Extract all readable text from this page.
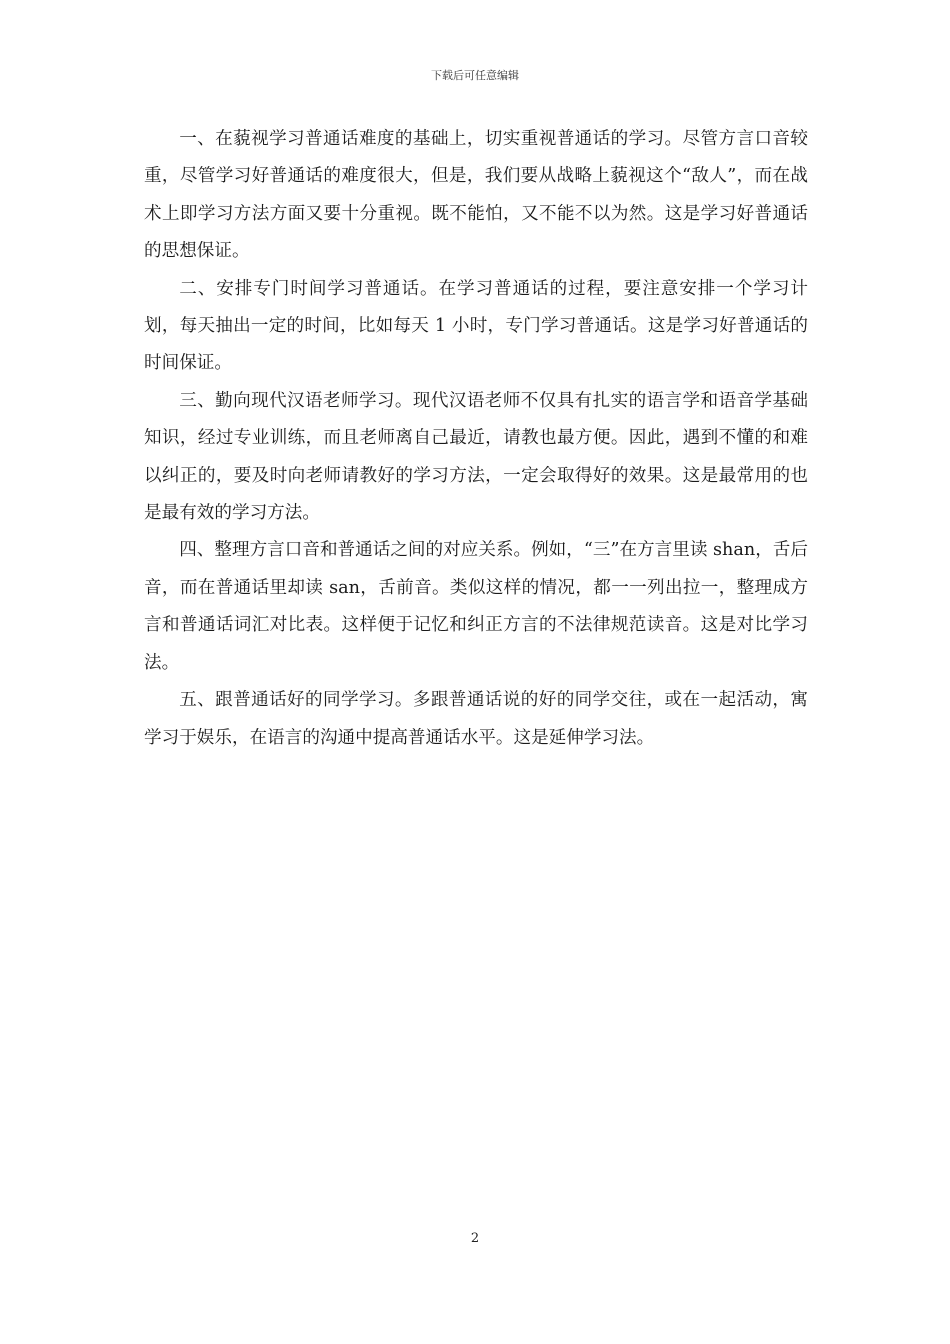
下载后可任意编辑

一、在藐视学习普通话难度的基础上，切实重视普通话的学习。尽管方言口音较重，尽管学习好普通话的难度很大，但是，我们要从战略上藐视这个“敌人”，而在战术上即学习方法方面又要十分重视。既不能怕，又不能不以为然。这是学习好普通话的思想保证。

二、安排专门时间学习普通话。在学习普通话的过程，要注意安排一个学习计划，每天抽出一定的时间，比如每天 1 小时，专门学习普通话。这是学习好普通话的时间保证。

三、勤向现代汉语老师学习。现代汉语老师不仅具有扎实的语言学和语音学基础知识，经过专业训练，而且老师离自己最近，请教也最方便。因此，遇到不懂的和难以纠正的，要及时向老师请教好的学习方法，一定会取得好的效果。这是最常用的也是最有效的学习方法。

四、整理方言口音和普通话之间的对应关系。例如，“三”在方言里读 shan，舌后音，而在普通话里却读 san，舌前音。类似这样的情况，都一一列出拉一，整理成方言和普通话词汇对比表。这样便于记忆和纠正方言的不法律规范读音。这是对比学习法。

五、跟普通话好的同学学习。多跟普通话说的好的同学交往，或在一起活动，寓学习于娱乐，在语言的沟通中提高普通话水平。这是延伸学习法。

2
